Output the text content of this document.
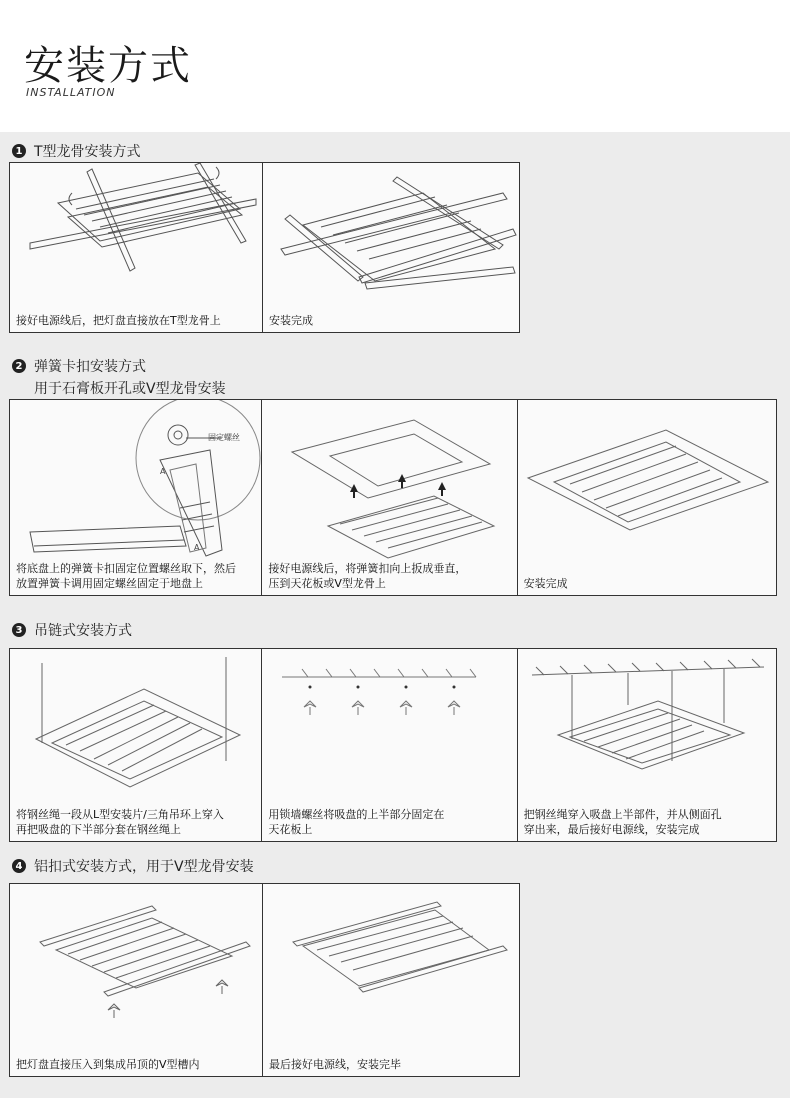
安装方式
INSTALLATION
1 T型龙骨安装方式
接好电源线后，把灯盘直接放在T型龙骨上	安装完成
2 弹簧卡扣安装方式
用于石膏板开孔或V型龙骨安装
A
A
固定螺丝
将底盘上的弹簧卡扣固定位置螺丝取下，然后
放置弹簧卡调用固定螺丝固定于地盘上
接好电源线后，将弹簧扣向上扳成垂直，
压到天花板或V型龙骨上	安装完成
3 吊链式安装方式
将钢丝绳一段从L型安装片/三角吊环上穿入
再把吸盘的下半部分套在钢丝绳上
用锁墙螺丝将吸盘的上半部分固定在
天花板上
把钢丝绳穿入吸盘上半部件，并从侧面孔
穿出来，最后接好电源线，安装完成
4 铝扣式安装方式，用于V型龙骨安装
把灯盘直接压入到集成吊顶的V型槽内	最后接好电源线，安装完毕
